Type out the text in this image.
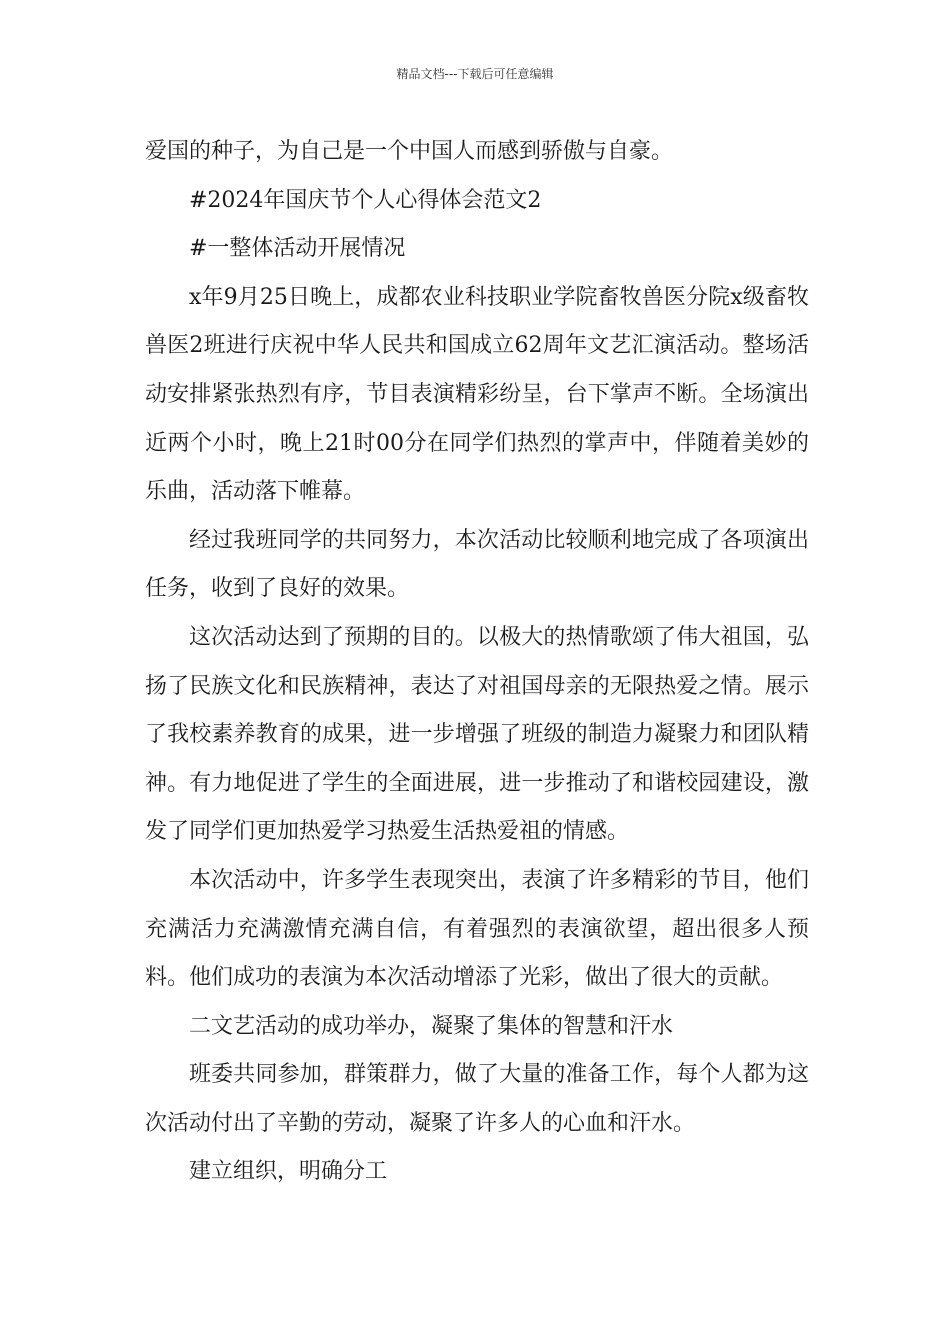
精品文档---下载后可任意编辑

爱国的种子，为自己是一个中国人而感到骄傲与自豪。

#2024年国庆节个人心得体会范文2

#一整体活动开展情况

x年9月25日晚上，成都农业科技职业学院畜牧兽医分院x级畜牧兽医2班进行庆祝中华人民共和国成立62周年文艺汇演活动。整场活动安排紧张热烈有序，节目表演精彩纷呈，台下掌声不断。全场演出近两个小时，晚上21时00分在同学们热烈的掌声中，伴随着美妙的乐曲，活动落下帷幕。

经过我班同学的共同努力，本次活动比较顺利地完成了各项演出任务，收到了良好的效果。

这次活动达到了预期的目的。以极大的热情歌颂了伟大祖国，弘扬了民族文化和民族精神，表达了对祖国母亲的无限热爱之情。展示了我校素养教育的成果，进一步增强了班级的制造力凝聚力和团队精神。有力地促进了学生的全面进展，进一步推动了和谐校园建设，激发了同学们更加热爱学习热爱生活热爱祖的情感。

本次活动中，许多学生表现突出，表演了许多精彩的节目，他们充满活力充满激情充满自信，有着强烈的表演欲望，超出很多人预料。他们成功的表演为本次活动增添了光彩，做出了很大的贡献。

二文艺活动的成功举办，凝聚了集体的智慧和汗水

班委共同参加，群策群力，做了大量的准备工作，每个人都为这次活动付出了辛勤的劳动，凝聚了许多人的心血和汗水。

建立组织，明确分工
